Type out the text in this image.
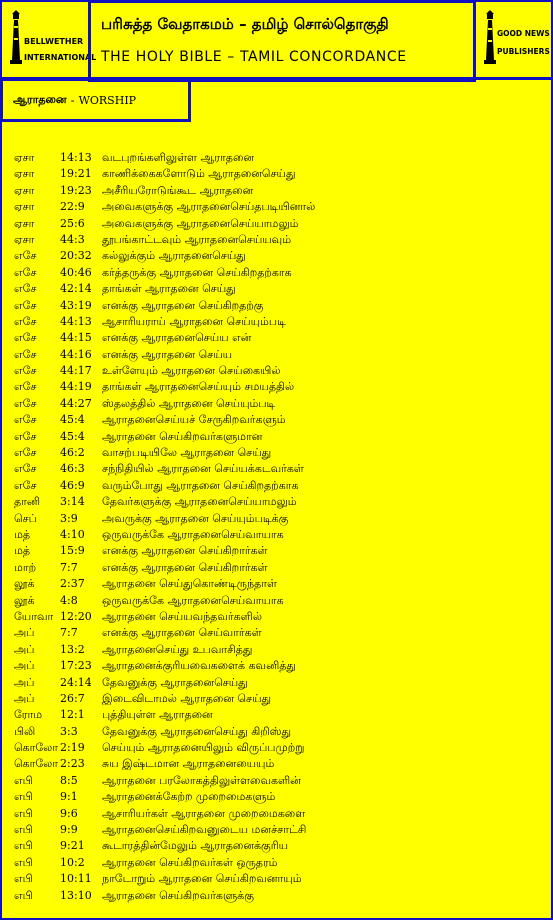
BELLWETHER
INTERNATIONAL
பரிசுத்த வேதாகமம் – தமிழ் சொல்தொகுதி
THE HOLY BIBLE – TAMIL CONCORDANCE
GOOD NEWS
PUBLISHERS
ஆராதனை - WORSHIP
ஏசா 14:13 வடபுறங்களிலுள்ள ஆராதனை
ஏசா 19:21 காணிக்கைகளோடும் ஆராதனைசெய்து
ஏசா 19:23 அசீரியரோடுங்கூட ஆராதனை
ஏசா 22:9 அவைகளுக்கு ஆராதனைசெய்தபடியினால்
ஏசா 25:6 அவைகளுக்கு ஆராதனைசெய்யாமலும்
ஏசா 44:3 தூபங்காட்டவும் ஆராதனைசெய்யவும்
எசே 20:32 கல்லுக்கும் ஆராதனைசெய்து
எசே 40:46 கர்த்தருக்கு ஆராதனை செய்கிறதற்காக
எசே 42:14 தாங்கள் ஆராதனை செய்து
எசே 43:19 எனக்கு ஆராதனை செய்கிறதற்கு
எசே 44:13 ஆசாரியராய் ஆராதனை செய்யும்படி
எசே 44:15 எனக்கு ஆராதனைசெய்ய என்
எசே 44:16 எனக்கு ஆராதனை செய்ய
எசே 44:17 உள்ளேயும் ஆராதனை செய்கையில்
எசே 44:19 தாங்கள் ஆராதனைசெய்யும் சமயத்தில்
எசே 44:27 ஸ்தலத்தில் ஆராதனை செய்யும்படி
எசே 45:4 ஆராதனைசெய்யச் சேருகிறவர்களும்
எசே 45:4 ஆராதனை செய்கிறவர்களுமான
எசே 46:2 வாசற்படியிலே ஆராதனை செய்து
எசே 46:3 சந்நிதியில் ஆராதனை செய்யக்கடவர்கள்
எசே 46:9 வரும்போது ஆராதனை செய்கிறதற்காக
தானி 3:14 தேவர்களுக்கு ஆராதனைசெய்யாமலும்
செப் 3:9 அவருக்கு ஆராதனை செய்யும்படிக்கு
மத்	4:10 ஒருவருக்கே ஆராதனைசெய்வாயாக
மத்	15:9 எனக்கு ஆராதனை செய்கிறார்கள்
மாற் 7:7 எனக்கு ஆராதனை செய்கிறார்கள்
லூக் 2:37 ஆராதனை செய்துகொண்டிருந்தாள்
லூக் 4:8 ஒருவருக்கே ஆராதனைசெய்வாயாக
யோவா 12:20 ஆராதனை செய்யவந்தவர்களில்
அப் 7:7 எனக்கு ஆராதனை செய்வார்கள்
அப் 13:2 ஆராதனைசெய்து உபவாசித்து
அப் 17:23 ஆராதனைக்குரியவைகளைக் கவனித்து
அப் 24:14 தேவனுக்கு ஆராதனைசெய்து
அப் 26:7 இடைவிடாமல் ஆராதனை செய்து
ரோம 12:1 புத்தியுள்ள ஆராதனை
பிலி 3:3 தேவனுக்கு ஆராதனைசெய்து கிறிஸ்து
கொலோ 2:19 செய்யும் ஆராதனையிலும் விருப்பமுற்று
கொலோ 2:23 சுய இஷ்டமான ஆராதனையையும்
எபி 8:5 ஆராதனை பரலோகத்திலுள்ளவைகளின்
எபி 9:1 ஆராதனைக்கேற்ற முறைமைகளும்
எபி 9:6 ஆசாரியர்கள் ஆராதனை முறைமைகளை
எபி 9:9 ஆராதனைசெய்கிறவனுடைய மனச்சாட்சி
எபி 9:21 கூடாரத்தின்மேலும் ஆராதனைக்குரிய
எபி 10:2 ஆராதனை செய்கிறவர்கள் ஒருதரம்
எபி 10:11 நாடோறும் ஆராதனை செய்கிறவனாயும்
எபி 13:10 ஆராதனை செய்கிறவர்களுக்கு
